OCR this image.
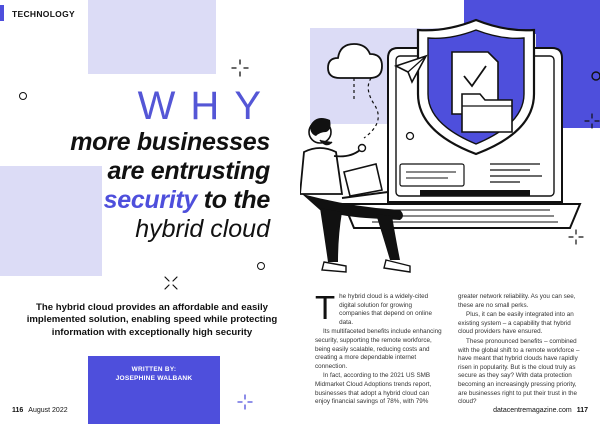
TECHNOLOGY
WHY
more businesses
are entrusting
security to the
hybrid cloud
The hybrid cloud provides an affordable and easily implemented solution, enabling speed while protecting information with exceptionally high security
WRITTEN BY:
JOSEPHINE WALBANK
116 August 2022

The hybrid cloud is a widely-cited digital solution for growing companies that depend on online data.

Its multifaceted benefits include enhancing security, supporting the remote workforce, being easily scalable, reducing costs and creating a more dependable internet connection.

In fact, according to the 2021 US SMB Midmarket Cloud Adoptions trends report, businesses that adopt a hybrid cloud can enjoy financial savings of 78%, with 79%

greater network reliability. As you can see, these are no small perks.

Plus, it can be easily integrated into an existing system – a capability that hybrid cloud providers have ensured.

These pronounced benefits – combined with the global shift to a remote workforce – have meant that hybrid clouds have rapidly risen in popularity. But is the cloud truly as secure as they say? With data protection becoming an increasingly pressing priority, are businesses right to put their trust in the cloud?

datacentremagazine.com 117
